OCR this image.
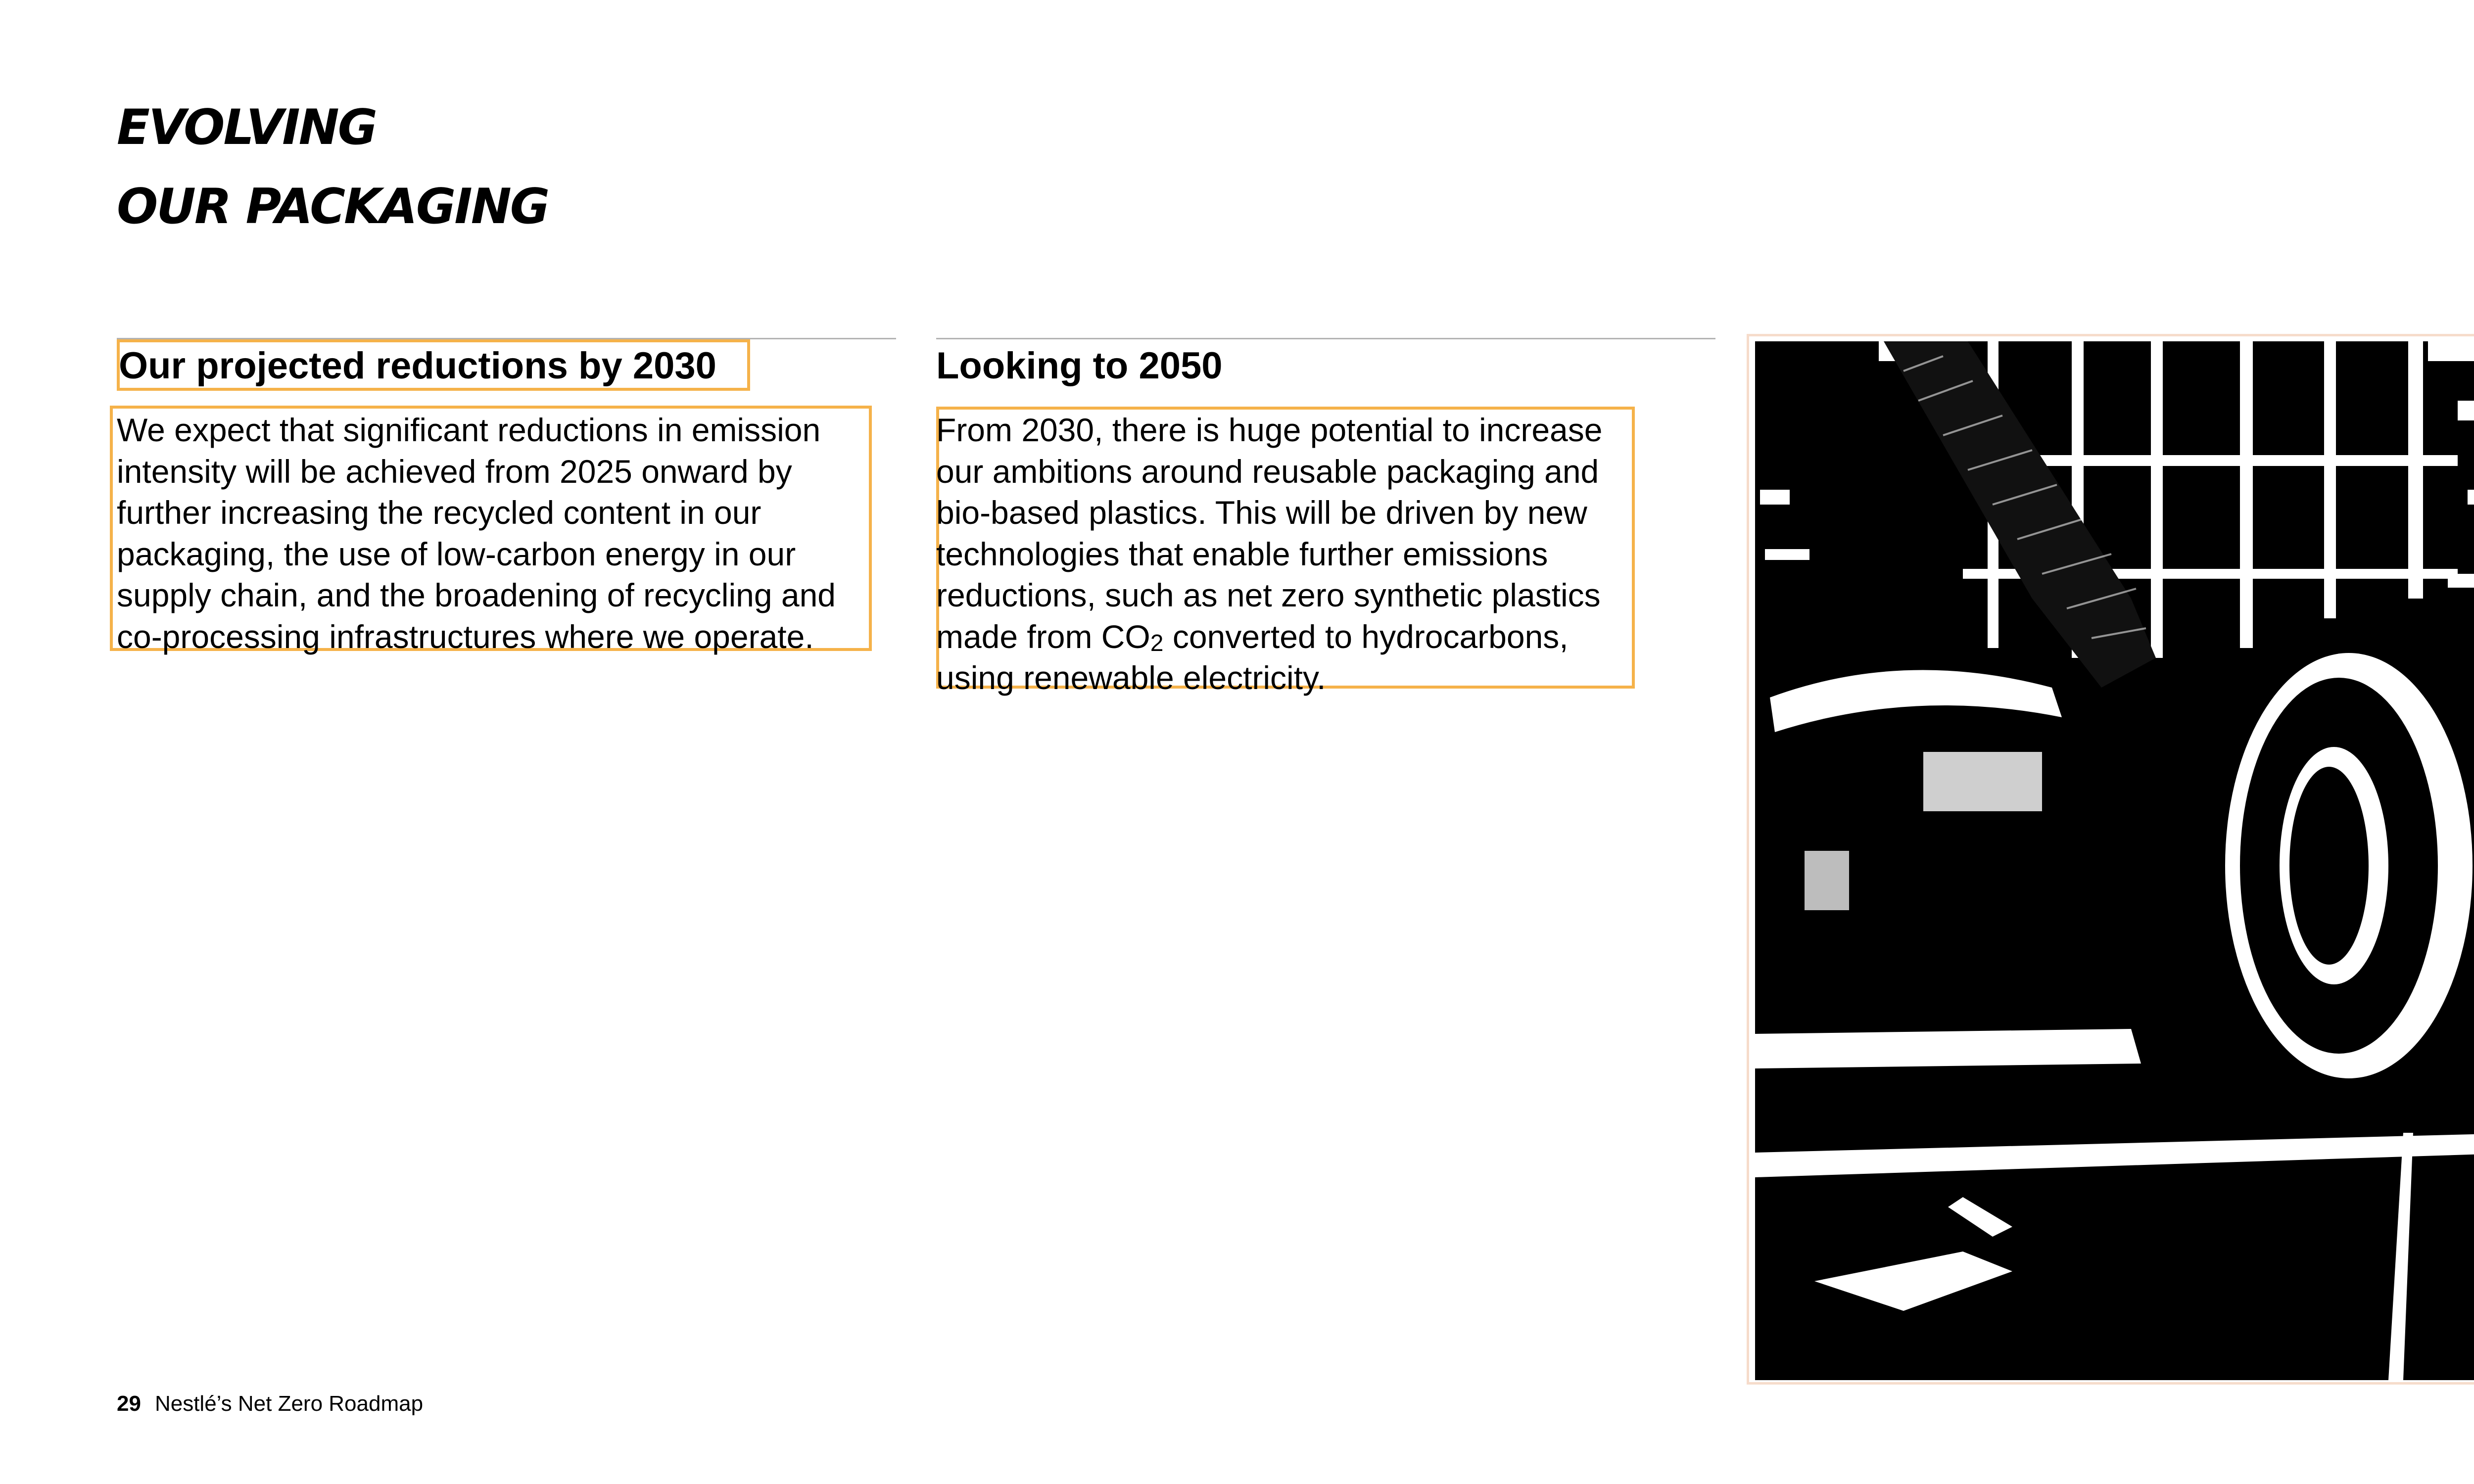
EVOLVING
OUR PACKAGING
Our projected reductions by 2030
We expect that significant reductions in emission
intensity will be achieved from 2025 onward by
further increasing the recycled content in our
packaging, the use of low-carbon energy in our
supply chain, and the broadening of recycling and
co-processing infrastructures where we operate.
Looking to 2050
From 2030, there is huge potential to increase
our ambitions around reusable packaging and
bio-based plastics. This will be driven by new
technologies that enable further emissions
reductions, such as net zero synthetic plastics
made from $CO_2$ converted to hydrocarbons,
using renewable electricity.

29 Nestlé’s Net Zero Roadmap
